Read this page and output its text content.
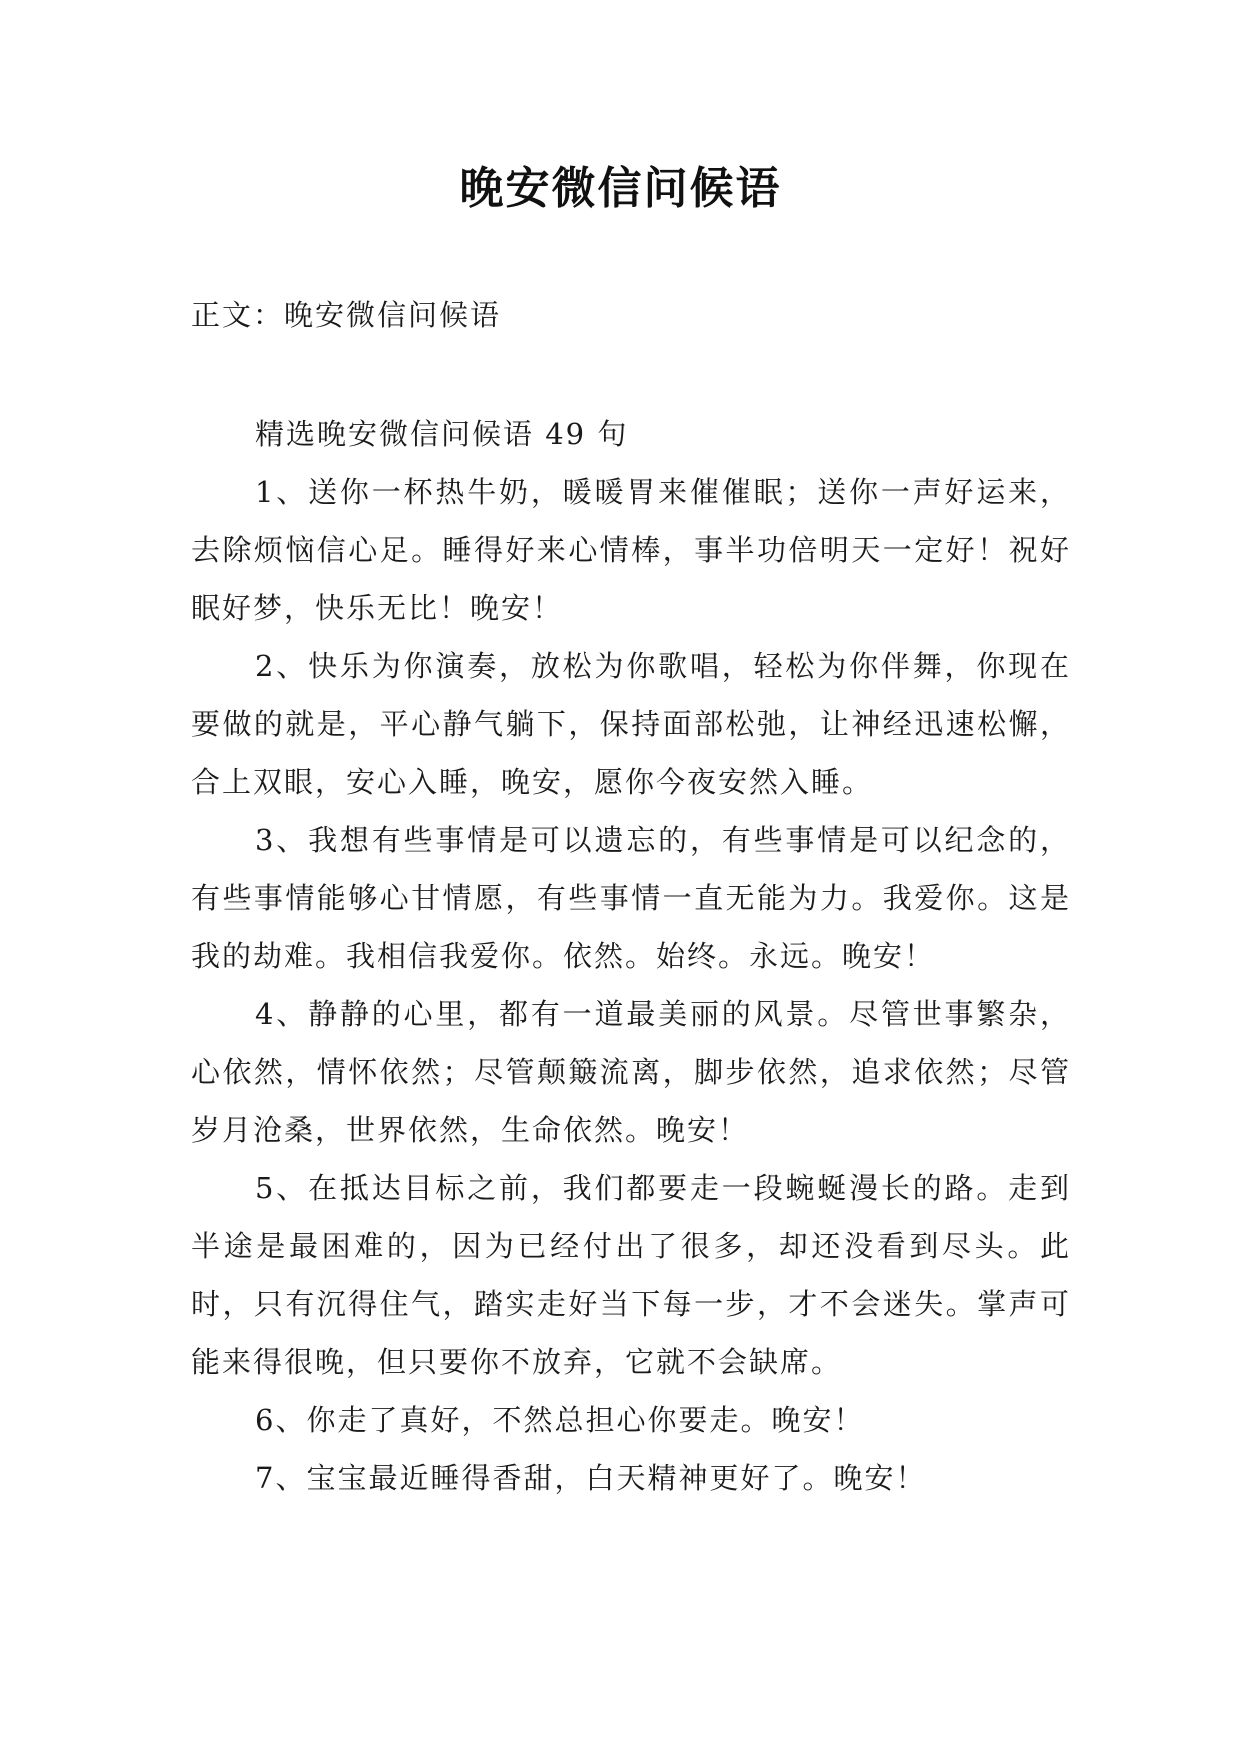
晚安微信问候语
正文：晚安微信问候语

精选晚安微信问候语 49 句

1、送你一杯热牛奶，暖暖胃来催催眠；送你一声好运来，去除烦恼信心足。睡得好来心情棒，事半功倍明天一定好！祝好眠好梦，快乐无比！晚安！

2、快乐为你演奏，放松为你歌唱，轻松为你伴舞，你现在要做的就是，平心静气躺下，保持面部松弛，让神经迅速松懈，合上双眼，安心入睡，晚安，愿你今夜安然入睡。

3、我想有些事情是可以遗忘的，有些事情是可以纪念的，有些事情能够心甘情愿，有些事情一直无能为力。我爱你。这是我的劫难。我相信我爱你。依然。始终。永远。晚安！

4、静静的心里，都有一道最美丽的风景。尽管世事繁杂，心依然，情怀依然；尽管颠簸流离，脚步依然，追求依然；尽管岁月沧桑，世界依然，生命依然。晚安！

5、在抵达目标之前，我们都要走一段蜿蜒漫长的路。走到半途是最困难的，因为已经付出了很多，却还没看到尽头。此时，只有沉得住气，踏实走好当下每一步，才不会迷失。掌声可能来得很晚，但只要你不放弃，它就不会缺席。

6、你走了真好，不然总担心你要走。晚安！

7、宝宝最近睡得香甜，白天精神更好了。晚安！
